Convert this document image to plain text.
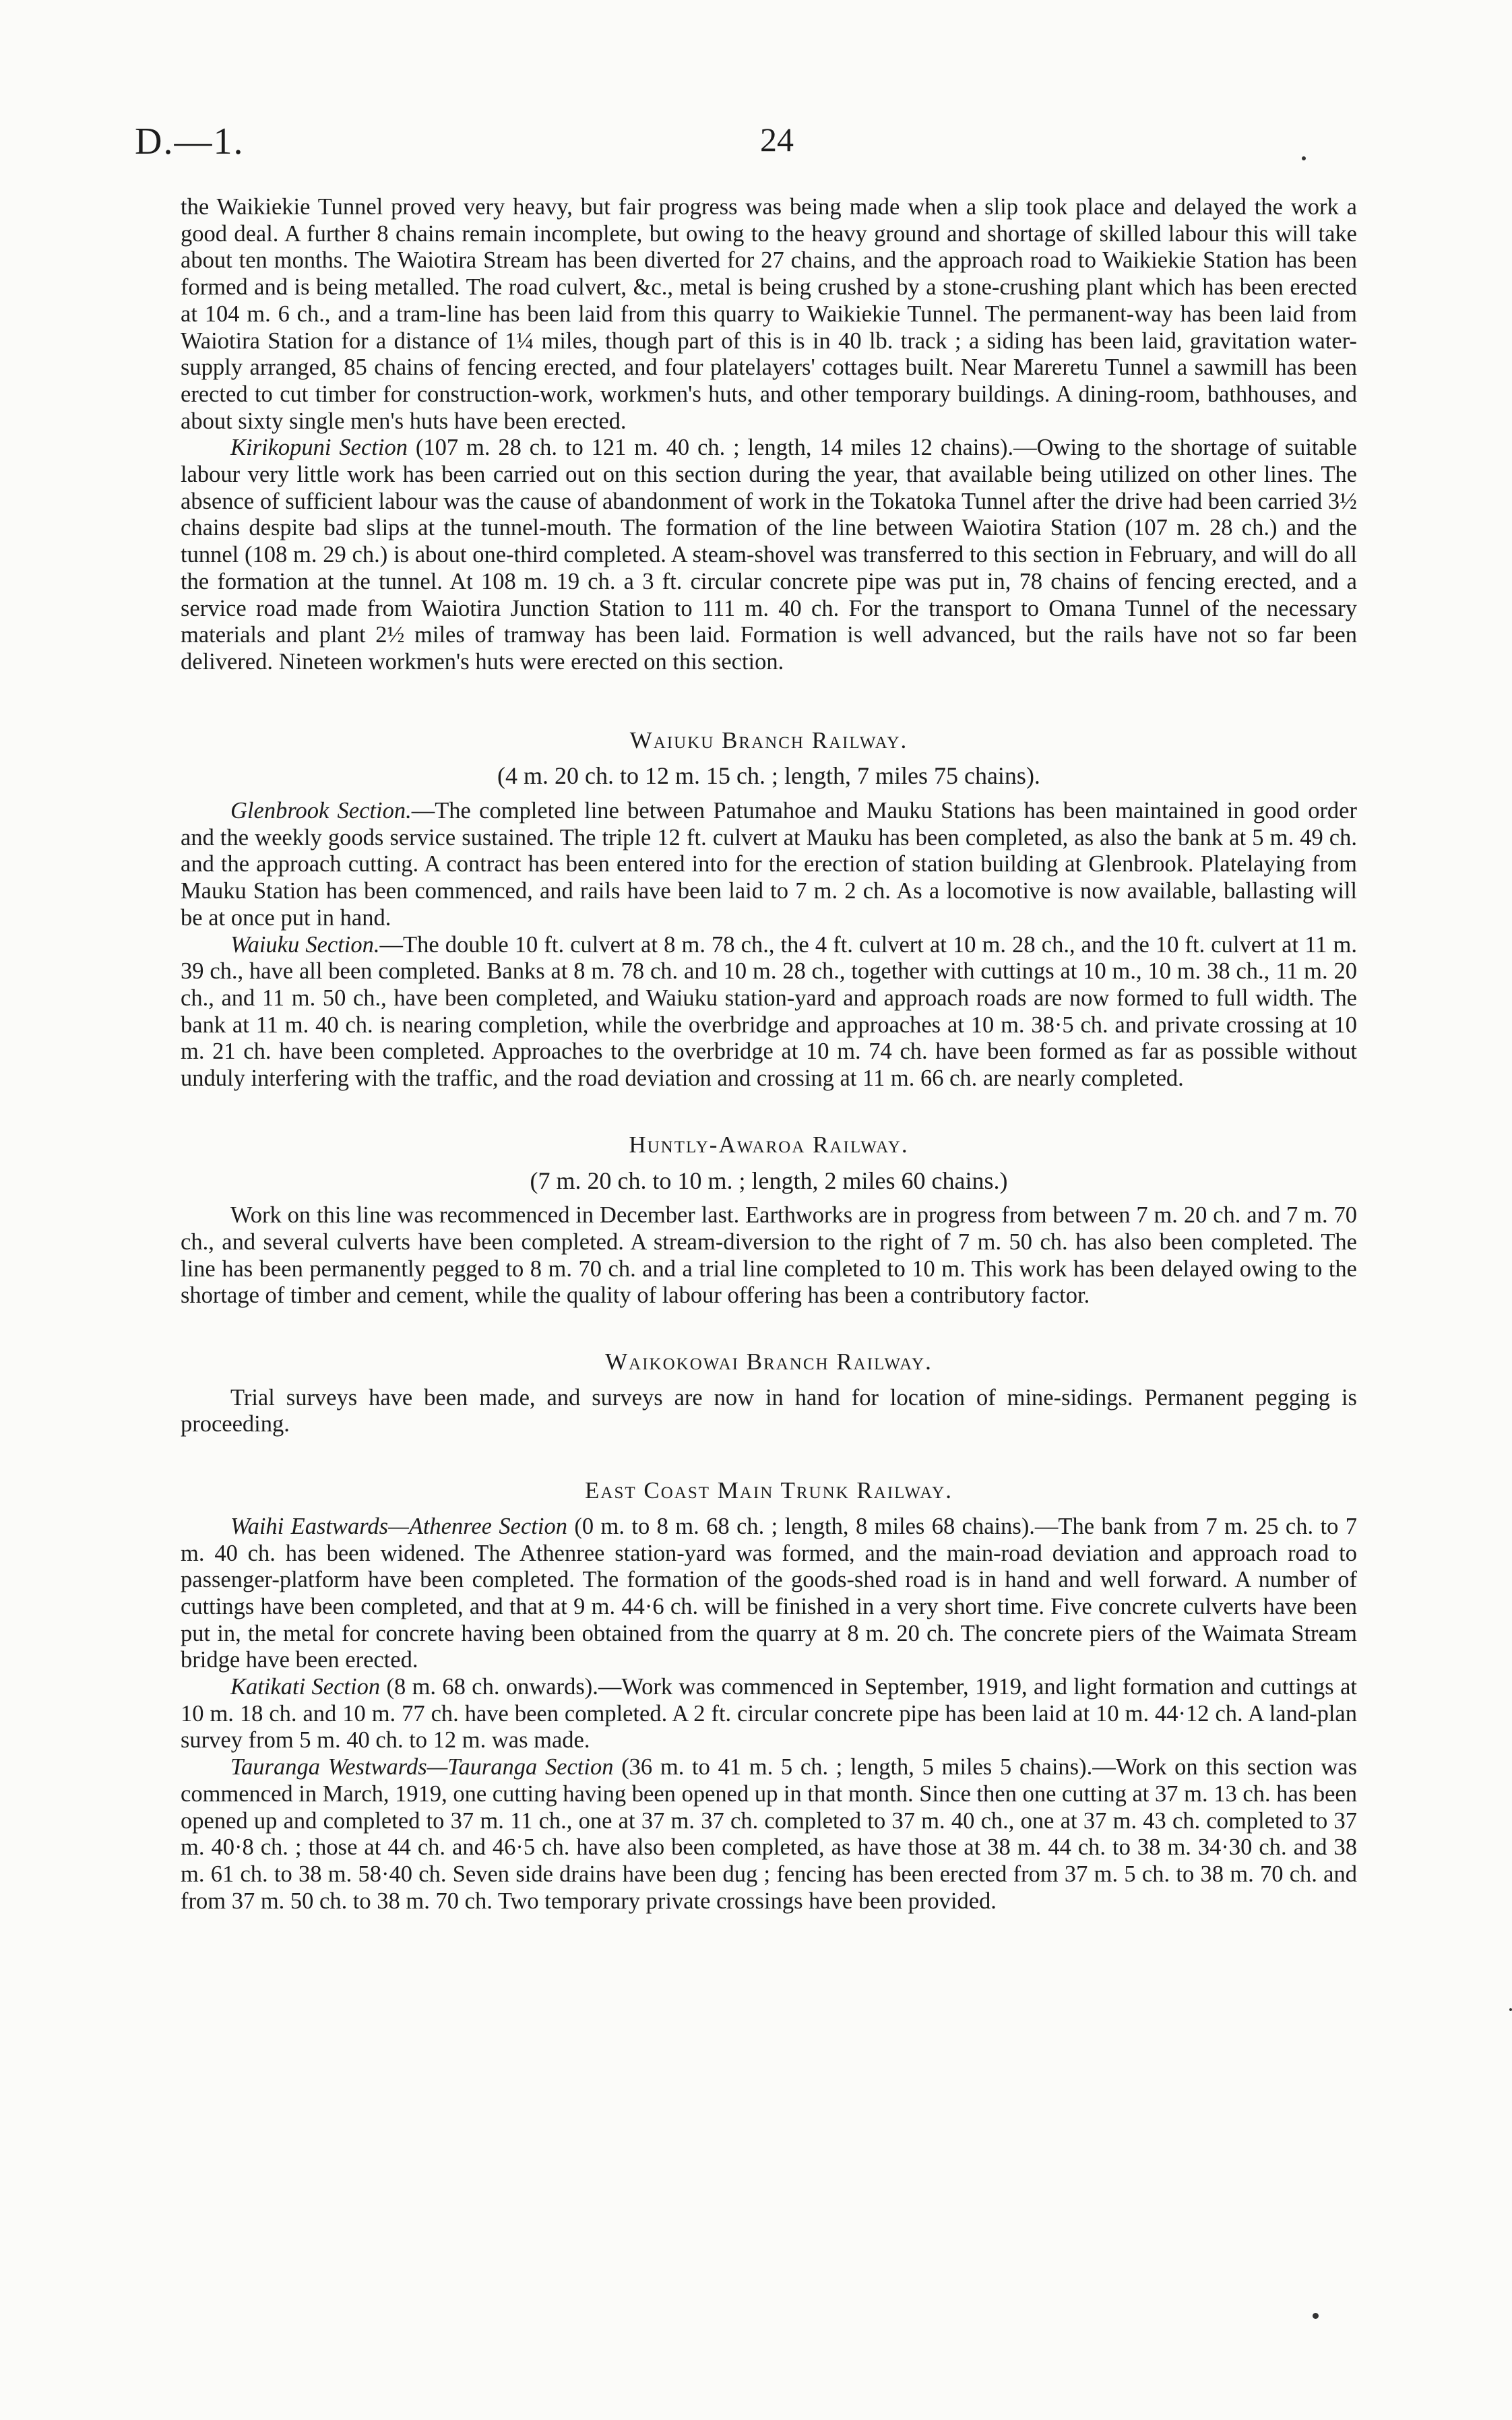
D.—1.	24

the Waikiekie Tunnel proved very heavy, but fair progress was being made when a slip took place and delayed the work a good deal. A further 8 chains remain incomplete, but owing to the heavy ground and shortage of skilled labour this will take about ten months. The Waiotira Stream has been diverted for 27 chains, and the approach road to Waikiekie Station has been formed and is being metalled. The road culvert, &c., metal is being crushed by a stone-crushing plant which has been erected at 104 m. 6 ch., and a tram-line has been laid from this quarry to Waikiekie Tunnel. The permanent-way has been laid from Waiotira Station for a distance of 1¼ miles, though part of this is in 40 lb. track ; a siding has been laid, gravitation water-supply arranged, 85 chains of fencing erected, and four platelayers' cottages built. Near Mareretu Tunnel a sawmill has been erected to cut timber for construction-work, workmen's huts, and other temporary buildings. A dining-room, bathhouses, and about sixty single men's huts have been erected.

Kirikopuni Section (107 m. 28 ch. to 121 m. 40 ch. ; length, 14 miles 12 chains).—Owing to the shortage of suitable labour very little work has been carried out on this section during the year, that available being utilized on other lines. The absence of sufficient labour was the cause of abandonment of work in the Tokatoka Tunnel after the drive had been carried 3½ chains despite bad slips at the tunnel-mouth. The formation of the line between Waiotira Station (107 m. 28 ch.) and the tunnel (108 m. 29 ch.) is about one-third completed. A steam-shovel was transferred to this section in February, and will do all the formation at the tunnel. At 108 m. 19 ch. a 3 ft. circular concrete pipe was put in, 78 chains of fencing erected, and a service road made from Waiotira Junction Station to 111 m. 40 ch. For the transport to Omana Tunnel of the necessary materials and plant 2½ miles of tramway has been laid. Formation is well advanced, but the rails have not so far been delivered. Nineteen workmen's huts were erected on this section.

Waiuku Branch Railway.

(4 m. 20 ch. to 12 m. 15 ch. ; length, 7 miles 75 chains).

Glenbrook Section.—The completed line between Patumahoe and Mauku Stations has been maintained in good order and the weekly goods service sustained. The triple 12 ft. culvert at Mauku has been completed, as also the bank at 5 m. 49 ch. and the approach cutting. A contract has been entered into for the erection of station building at Glenbrook. Platelaying from Mauku Station has been commenced, and rails have been laid to 7 m. 2 ch. As a locomotive is now available, ballasting will be at once put in hand.

Waiuku Section.—The double 10 ft. culvert at 8 m. 78 ch., the 4 ft. culvert at 10 m. 28 ch., and the 10 ft. culvert at 11 m. 39 ch., have all been completed. Banks at 8 m. 78 ch. and 10 m. 28 ch., together with cuttings at 10 m., 10 m. 38 ch., 11 m. 20 ch., and 11 m. 50 ch., have been completed, and Waiuku station-yard and approach roads are now formed to full width. The bank at 11 m. 40 ch. is nearing completion, while the overbridge and approaches at 10 m. 38·5 ch. and private crossing at 10 m. 21 ch. have been completed. Approaches to the overbridge at 10 m. 74 ch. have been formed as far as possible without unduly interfering with the traffic, and the road deviation and crossing at 11 m. 66 ch. are nearly completed.

Huntly-Awaroa Railway.

(7 m. 20 ch. to 10 m. ; length, 2 miles 60 chains.)

Work on this line was recommenced in December last. Earthworks are in progress from between 7 m. 20 ch. and 7 m. 70 ch., and several culverts have been completed. A stream-diversion to the right of 7 m. 50 ch. has also been completed. The line has been permanently pegged to 8 m. 70 ch. and a trial line completed to 10 m. This work has been delayed owing to the shortage of timber and cement, while the quality of labour offering has been a contributory factor.

Waikokowai Branch Railway.

Trial surveys have been made, and surveys are now in hand for location of mine-sidings. Permanent pegging is proceeding.

East Coast Main Trunk Railway.

Waihi Eastwards—Athenree Section (0 m. to 8 m. 68 ch. ; length, 8 miles 68 chains).—The bank from 7 m. 25 ch. to 7 m. 40 ch. has been widened. The Athenree station-yard was formed, and the main-road deviation and approach road to passenger-platform have been completed. The formation of the goods-shed road is in hand and well forward. A number of cuttings have been completed, and that at 9 m. 44·6 ch. will be finished in a very short time. Five concrete culverts have been put in, the metal for concrete having been obtained from the quarry at 8 m. 20 ch. The concrete piers of the Waimata Stream bridge have been erected.

Katikati Section (8 m. 68 ch. onwards).—Work was commenced in September, 1919, and light formation and cuttings at 10 m. 18 ch. and 10 m. 77 ch. have been completed. A 2 ft. circular concrete pipe has been laid at 10 m. 44·12 ch. A land-plan survey from 5 m. 40 ch. to 12 m. was made.

Tauranga Westwards—Tauranga Section (36 m. to 41 m. 5 ch. ; length, 5 miles 5 chains).—Work on this section was commenced in March, 1919, one cutting having been opened up in that month. Since then one cutting at 37 m. 13 ch. has been opened up and completed to 37 m. 11 ch., one at 37 m. 37 ch. completed to 37 m. 40 ch., one at 37 m. 43 ch. completed to 37 m. 40·8 ch. ; those at 44 ch. and 46·5 ch. have also been completed, as have those at 38 m. 44 ch. to 38 m. 34·30 ch. and 38 m. 61 ch. to 38 m. 58·40 ch. Seven side drains have been dug ; fencing has been erected from 37 m. 5 ch. to 38 m. 70 ch. and from 37 m. 50 ch. to 38 m. 70 ch. Two temporary private crossings have been provided.
